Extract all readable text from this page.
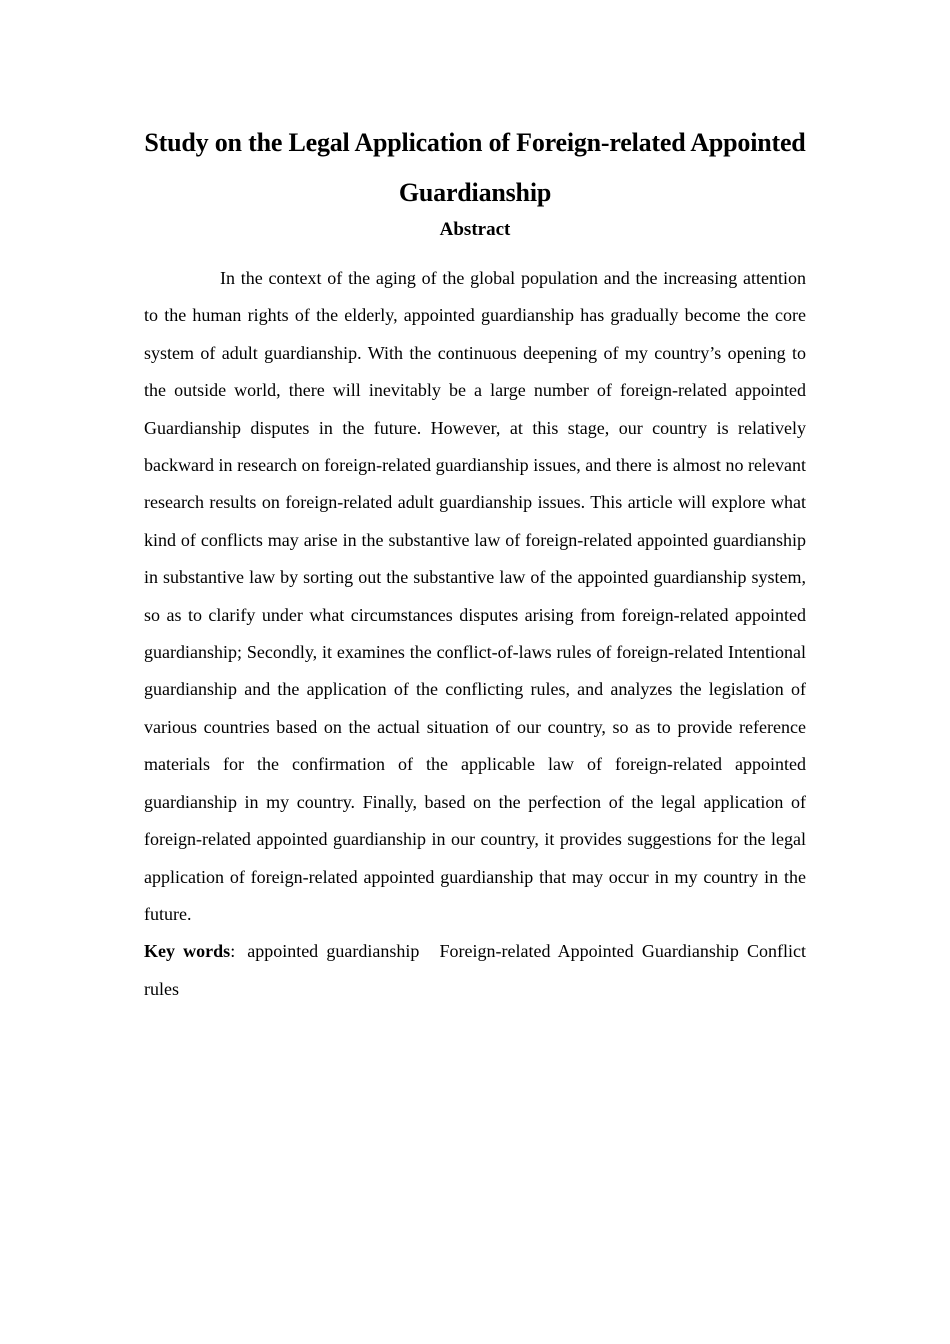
Study on the Legal Application of Foreign-related Appointed Guardianship
Abstract

In the context of the aging of the global population and the increasing attention to the human rights of the elderly, appointed guardianship has gradually become the core system of adult guardianship. With the continuous deepening of my country’s opening to the outside world, there will inevitably be a large number of foreign-related appointed Guardianship disputes in the future. However, at this stage, our country is relatively backward in research on foreign-related guardianship issues, and there is almost no relevant research results on foreign-related adult guardianship issues. This article will explore what kind of conflicts may arise in the substantive law of foreign-related appointed guardianship in substantive law by sorting out the substantive law of the appointed guardianship system, so as to clarify under what circumstances disputes arising from foreign-related appointed guardianship; Secondly, it examines the conflict-of-laws rules of foreign-related Intentional guardianship and the application of the conflicting rules, and analyzes the legislation of various countries based on the actual situation of our country, so as to provide reference materials for the confirmation of the applicable law of foreign-related appointed guardianship in my country. Finally, based on the perfection of the legal application of foreign-related appointed guardianship in our country, it provides suggestions for the legal application of foreign-related appointed guardianship that may occur in my country in the future.

Key words: appointed guardianship Foreign-related Appointed Guardianship Conflict rules
